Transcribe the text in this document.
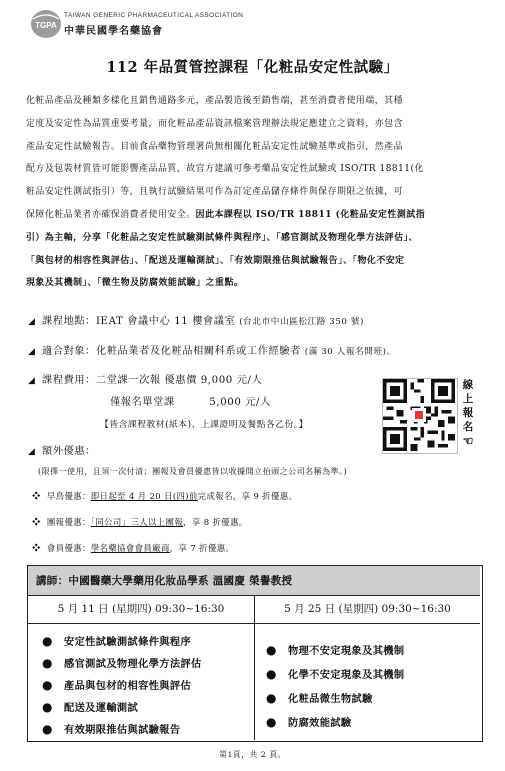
TGPA
TAIWAN GENERIC PHARMACEUTICAL ASSOCIATION
中華民國學名藥協會
112 年品質管控課程「化粧品安定性試驗」
化粧品產品及種類多樣化且銷售通路多元，產品製造後至銷售端，甚至消費者使用端，其穩
定度及安定性為品質重要考量，而化粧品產品資訊檔案管理辦法規定應建立之資料，亦包含
產品安定性試驗報告。目前食品藥物管理署尚無相關化粧品安定性試驗基準或指引，然產品
配方及包裝材質皆可能影響產品品質，故官方建議可參考藥品安定性試驗或 ISO/TR 18811(化
粧品安定性測試指引）等，且執行試驗結果可作為訂定產品儲存條件與保存期限之依據，可
保障化粧品業者亦確保消費者使用安全。因此本課程以 ISO/TR 18811 (化粧品安定性測試指
引）為主軸，分享「化粧品之安定性試驗測試條件與程序」、「感官測試及物理化學方法評估」、
「與包材的相容性與評估」、「配送及運輸測試」、「有效期限推估與試驗報告」、「物化不安定
現象及其機制」、「微生物及防腐效能試驗」之重點。
◢ 課程地點：IEAT 會議中心 11 樓會議室 (台北市中山區松江路 350 號)
◢ 適合對象：化粧品業者及化粧品相關科系或工作經驗者 (滿 30 人報名開班)。
◢ 課程費用：二堂課一次報 優惠價 9,000 元/人
僅報名單堂課         5,000 元/人
【皆含課程教材(紙本)、上課證明及餐點各乙份。】
線
上
報
名
☜
◢ 額外優惠：
(限擇一使用，且須一次付清；團報及會員優惠皆以收據開立抬頭之公司名稱為準。)
❖ 早鳥優惠：即日起至 4 月 20 日(四)前完成報名，享 9 折優惠。
❖ 團報優惠：「同公司」三人以上團報，享 8 折優惠。
❖ 會員優惠：學名藥協會會員廠商，享 7 折優惠。
講師：中國醫藥大學藥用化妝品學系 溫國慶 榮譽教授
5 月 11 日 (星期四) 09:30~16:30	5 月 25 日 (星期四) 09:30~16:30
● 安定性試驗測試條件與程序
● 感官測試及物理化學方法評估
● 產品與包材的相容性與評估
● 配送及運輸測試
● 有效期限推估與試驗報告
● 物理不安定現象及其機制
● 化學不安定現象及其機制
● 化粧品微生物試驗
● 防腐效能試驗
第1頁，共 2 頁。
